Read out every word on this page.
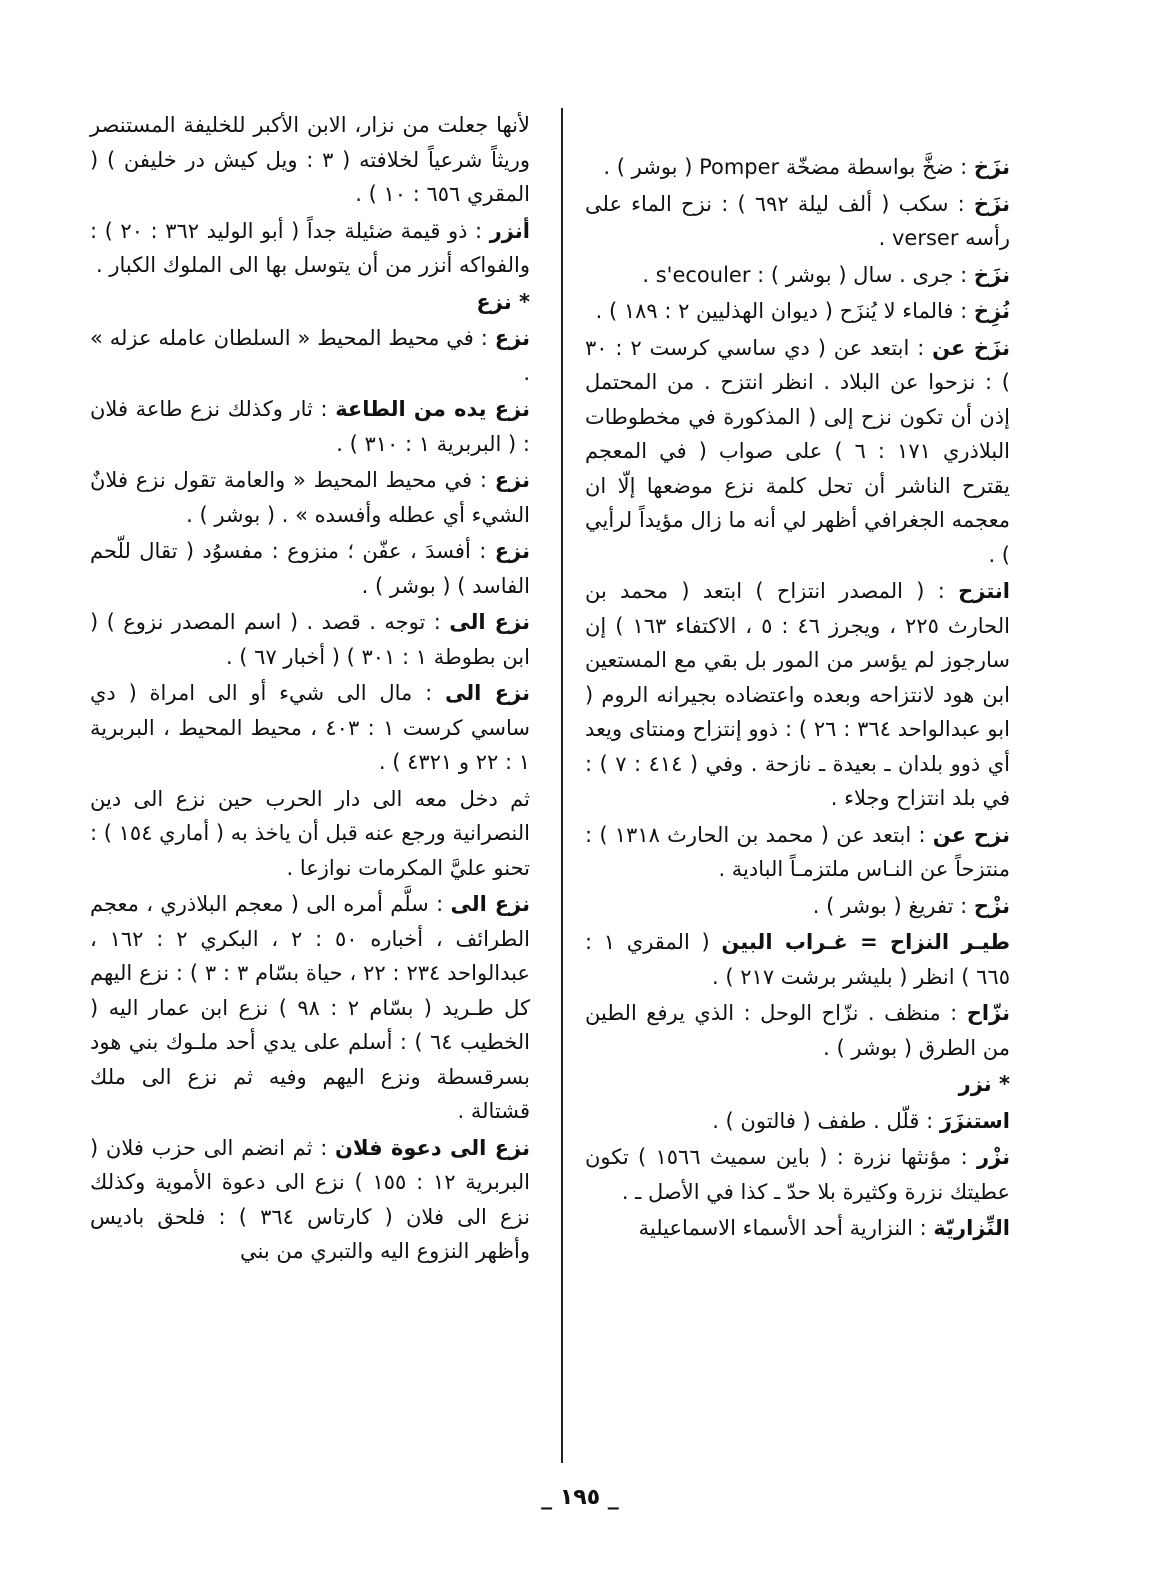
نزَخ : ضخَّ بواسطة مضخّة Pomper ( بوشر ) .
نزَخ : سكب ( ألف ليلة ٦٩٢ ) : نزح الماء على رأسه verser .
نزَخ : جرى . سال ( بوشر ) : s'ecouler .
نُزِخ : فالماء لا يُنزَح ( ديوان الهذليين ٢ : ١٨٩ ) .
نزَخ عن : ابتعد عن ( دي ساسي كرست ٢ : ٣٠ ) : نزحوا عن البلاد . انظر انتزح . من المحتمل إذن أن تكون نزح إلى ( المذكورة في مخطوطات البلاذري ١٧١ : ٦ ) على صواب ( في المعجم يقترح الناشر أن تحل كلمة نزع موضعها إلّا ان معجمه الجغرافي أظهر لي أنه ما زال مؤيداً لرأيي ) .
انتزح : ( المصدر انتزاح ) ابتعد ( محمد بن الحارث ٢٢٥ ، ويجرز ٤٦ : ٥ ، الاكتفاء ١٦٣ ) إن سارجوز لم يؤسر من المور بل بقي مع المستعين ابن هود لانتزاحه وبعده واعتضاده بجيرانه الروم ( ابو عبدالواحد ٣٦٤ : ٢٦ ) : ذوو إنتزاح ومنتاى ويعد أي ذوو بلدان ـ بعيدة ـ نازحة . وفي ( ٤١٤ : ٧ ) : في بلد انتزاح وجلاء .
نزح عن : ابتعد عن ( محمد بن الحارث ١٣١٨ ) : منتزحاً عن النـاس ملتزمـاً البادية .
نزْح : تفريغ ( بوشر ) .
طيـر النزاح = غـراب البين ( المقري ١ : ٦٦٥ ) انظر ( بليشر برشت ٢١٧ ) .
نزّاح : منظف . نزّاح الوحل : الذي يرفع الطين من الطرق ( بوشر ) .
* نزر
استنزَرَ : قلّل . طفف ( فالتون ) .
نزْر : مؤنثها نزرة : ( باين سميث ١٥٦٦ ) تكون عطيتك نزرة وكثيرة بلا حدّ ـ كذا في الأصل ـ .
النِّزاريّة : النزارية أحد الأسماء الاسماعيلية
لأنها جعلت من نزار، الابن الأكبر للخليفة المستنصر وريثاً شرعياً لخلافته ( ٣ : ويل كيش در خليفن ) ( المقري ٦٥٦ : ١٠ ) .
أنزر : ذو قيمة ضئيلة جداً ( أبو الوليد ٣٦٢ : ٢٠ ) : والفواكه أنزر من أن يتوسل بها الى الملوك الكبار .
* نزع
نزع : في محيط المحيط « السلطان عامله عزله » .
نزع يده من الطاعة : ثار وكذلك نزع طاعة فلان : ( البربرية ١ : ٣١٠ ) .
نزع : في محيط المحيط « والعامة تقول نزع فلانٌ الشيء أي عطله وأفسده » . ( بوشر ) .
نزع : أفسدَ ، عفّن ؛ منزوع : مفسوُد ( تقال للّحم الفاسد ) ( بوشر ) .
نزع الى : توجه . قصد . ( اسم المصدر نزوع ) ( ابن بطوطة ١ : ٣٠١ ) ( أخبار ٦٧ ) .
نزع الى : مال الى شيء أو الى امراة ( دي ساسي كرست ١ : ٤٠٣ ، محيط المحيط ، البربرية ١ : ٢٢ و ٤٣٢١ ) .
ثم دخل معه الى دار الحرب حين نزع الى دين النصرانية ورجع عنه قبل أن ياخذ به ( أماري ١٥٤ ) : تحنو عليَّ المكرمات نوازعا .
نزع الى : سلَّم أمره الى ( معجم البلاذري ، معجم الطرائف ، أخباره ٥٠ : ٢ ، البكري ٢ : ١٦٢ ، عبدالواحد ٢٣٤ : ٢٢ ، حياة بسّام ٣ : ٣ ) : نزع اليهم كل طـريد ( بسّام ٢ : ٩٨ ) نزع ابن عمار اليه ( الخطيب ٦٤ ) : أسلم على يدي أحد ملـوك بني هود بسرقسطة ونزع اليهم وفيه ثم نزع الى ملك قشتالة .
نزع الى دعوة فلان : ثم انضم الى حزب فلان ( البربرية ١٢ : ١٥٥ ) نزع الى دعوة الأموية وكذلك نزع الى فلان ( كارتاس ٣٦٤ ) : فلحق باديس وأظهر النزوع اليه والتبري من بني
_ ١٩٥ _
